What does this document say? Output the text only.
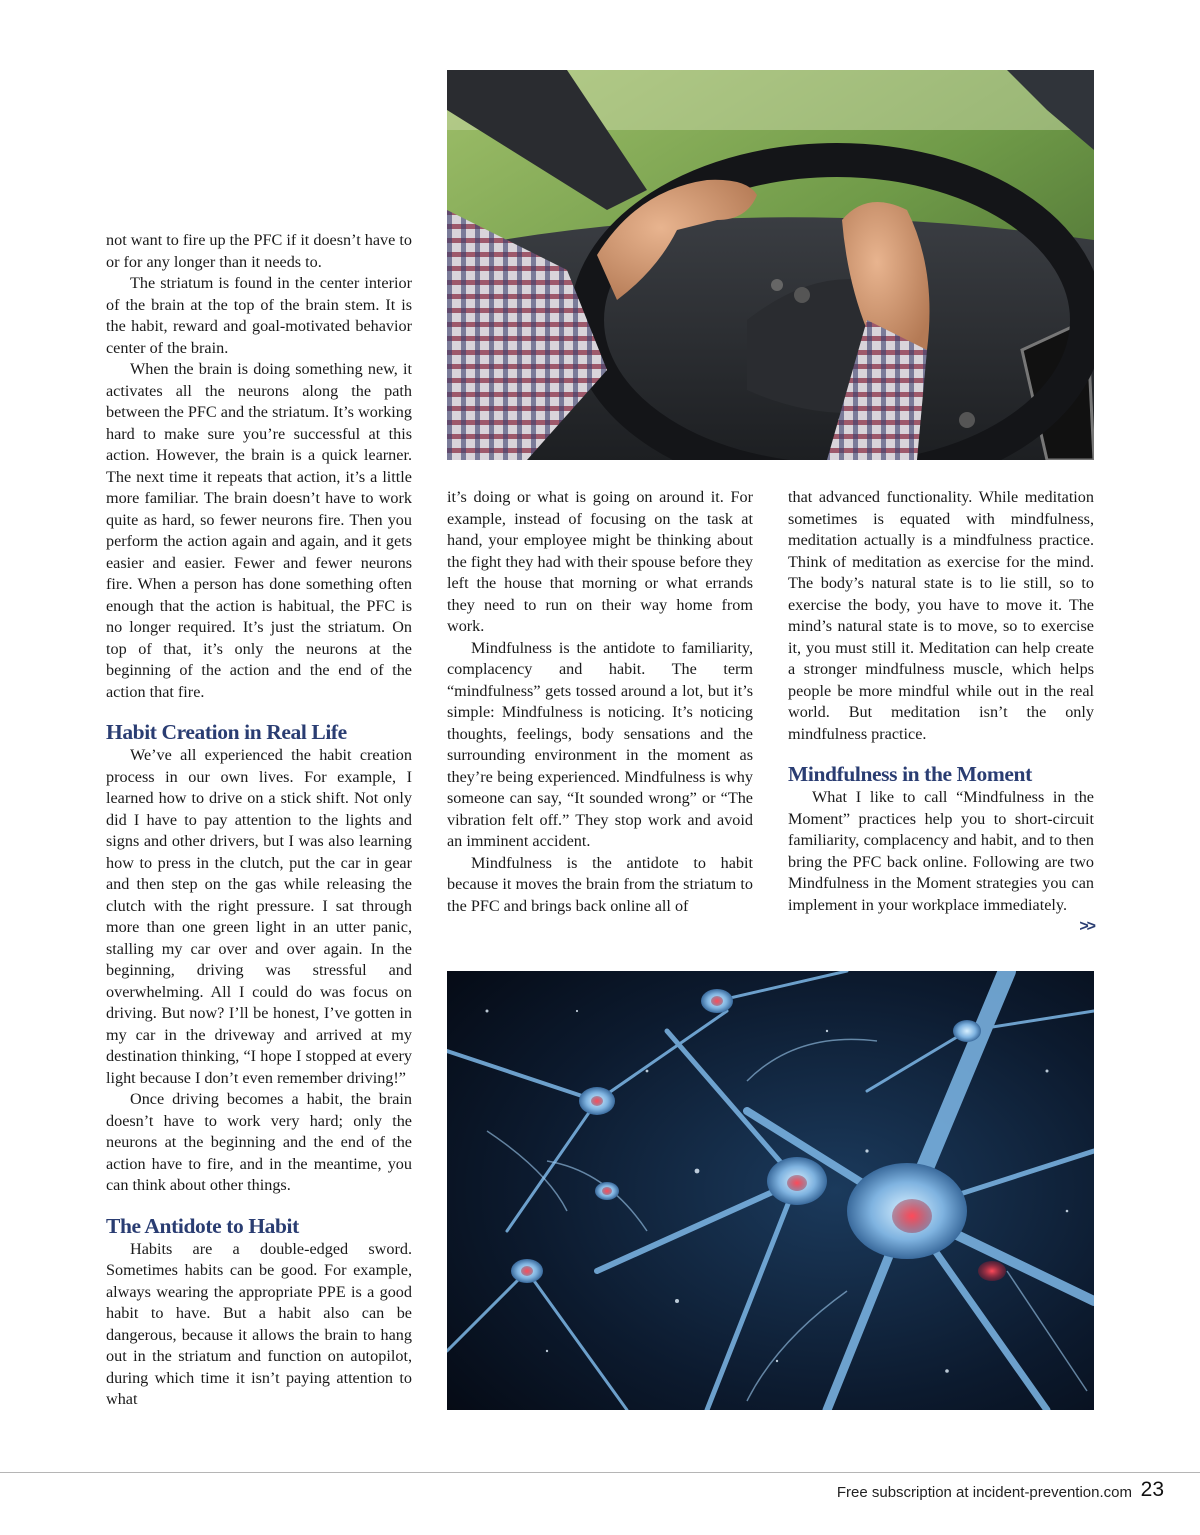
not want to fire up the PFC if it doesn’t have to or for any longer than it needs to.

The striatum is found in the center interior of the brain at the top of the brain stem. It is the habit, reward and goal-motivated behavior center of the brain.

When the brain is doing something new, it activates all the neurons along the path between the PFC and the striatum. It’s working hard to make sure you’re successful at this action. However, the brain is a quick learner. The next time it repeats that action, it’s a little more familiar. The brain doesn’t have to work quite as hard, so fewer neurons fire. Then you perform the action again and again, and it gets easier and easier. Fewer and fewer neurons fire. When a person has done something often enough that the action is habitual, the PFC is no longer required. It’s just the striatum. On top of that, it’s only the neurons at the beginning of the action and the end of the action that fire.

Habit Creation in Real Life

We’ve all experienced the habit creation process in our own lives. For example, I learned how to drive on a stick shift. Not only did I have to pay attention to the lights and signs and other drivers, but I was also learning how to press in the clutch, put the car in gear and then step on the gas while releasing the clutch with the right pressure. I sat through more than one green light in an utter panic, stalling my car over and over again. In the beginning, driving was stressful and overwhelming. All I could do was focus on driving. But now? I’ll be honest, I’ve gotten in my car in the driveway and arrived at my destination thinking, “I hope I stopped at every light because I don’t even remember driving!”

Once driving becomes a habit, the brain doesn’t have to work very hard; only the neurons at the beginning and the end of the action have to fire, and in the meantime, you can think about other things.

The Antidote to Habit

Habits are a double-edged sword. Sometimes habits can be good. For example, always wearing the appropriate PPE is a good habit to have. But a habit also can be dangerous, because it allows the brain to hang out in the striatum and function on autopilot, during which time it isn’t paying attention to what

it’s doing or what is going on around it. For example, instead of focusing on the task at hand, your employee might be thinking about the fight they had with their spouse before they left the house that morning or what errands they need to run on their way home from work.

Mindfulness is the antidote to familiarity, complacency and habit. The term “mindfulness” gets tossed around a lot, but it’s simple: Mindfulness is noticing. It’s noticing thoughts, feelings, body sensations and the surrounding environment in the moment as they’re being experienced. Mindfulness is why someone can say, “It sounded wrong” or “The vibration felt off.” They stop work and avoid an imminent accident.

Mindfulness is the antidote to habit because it moves the brain from the striatum to the PFC and brings back online all of

that advanced functionality. While meditation sometimes is equated with mindfulness, meditation actually is a mindfulness practice. Think of meditation as exercise for the mind. The body’s natural state is to lie still, so to exercise the body, you have to move it. The mind’s natural state is to move, so to exercise it, you must still it. Meditation can help create a stronger mindfulness muscle, which helps people be more mindful while out in the real world. But meditation isn’t the only mindfulness practice.

Mindfulness in the Moment

What I like to call “Mindfulness in the Moment” practices help you to short-circuit familiarity, complacency and habit, and to then bring the PFC back online. Following are two Mindfulness in the Moment strategies you can implement in your workplace immediately.
>>

Free subscription at incident-prevention.com 23
